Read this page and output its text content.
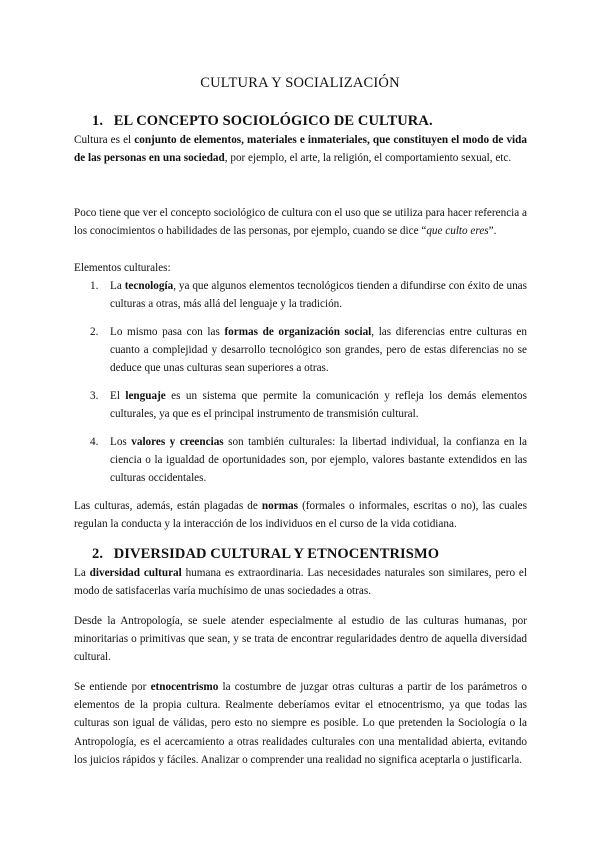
CULTURA Y SOCIALIZACIÓN
1. EL CONCEPTO SOCIOLÓGICO DE CULTURA.
Cultura es el conjunto de elementos, materiales e inmateriales, que constituyen el modo de vida de las personas en una sociedad, por ejemplo, el arte, la religión, el comportamiento sexual, etc.
Poco tiene que ver el concepto sociológico de cultura con el uso que se utiliza para hacer referencia a los conocimientos o habilidades de las personas, por ejemplo, cuando se dice “que culto eres”.
Elementos culturales:
1. La tecnología, ya que algunos elementos tecnológicos tienden a difundirse con éxito de unas culturas a otras, más allá del lenguaje y la tradición.
2. Lo mismo pasa con las formas de organización social, las diferencias entre culturas en cuanto a complejidad y desarrollo tecnológico son grandes, pero de estas diferencias no se deduce que unas culturas sean superiores a otras.
3. El lenguaje es un sistema que permite la comunicación y refleja los demás elementos culturales, ya que es el principal instrumento de transmisión cultural.
4. Los valores y creencias son también culturales: la libertad individual, la confianza en la ciencia o la igualdad de oportunidades son, por ejemplo, valores bastante extendidos en las culturas occidentales.
Las culturas, además, están plagadas de normas (formales o informales, escritas o no), las cuales regulan la conducta y la interacción de los individuos en el curso de la vida cotidiana.
2. DIVERSIDAD CULTURAL Y ETNOCENTRISMO
La diversidad cultural humana es extraordinaria. Las necesidades naturales son similares, pero el modo de satisfacerlas varía muchísimo de unas sociedades a otras.
Desde la Antropología, se suele atender especialmente al estudio de las culturas humanas, por minoritarias o primitivas que sean, y se trata de encontrar regularidades dentro de aquella diversidad cultural.
Se entiende por etnocentrismo la costumbre de juzgar otras culturas a partir de los parámetros o elementos de la propia cultura. Realmente deberíamos evitar el etnocentrismo, ya que todas las culturas son igual de válidas, pero esto no siempre es posible. Lo que pretenden la Sociología o la Antropología, es el acercamiento a otras realidades culturales con una mentalidad abierta, evitando los juicios rápidos y fáciles. Analizar o comprender una realidad no significa aceptarla o justificarla.
